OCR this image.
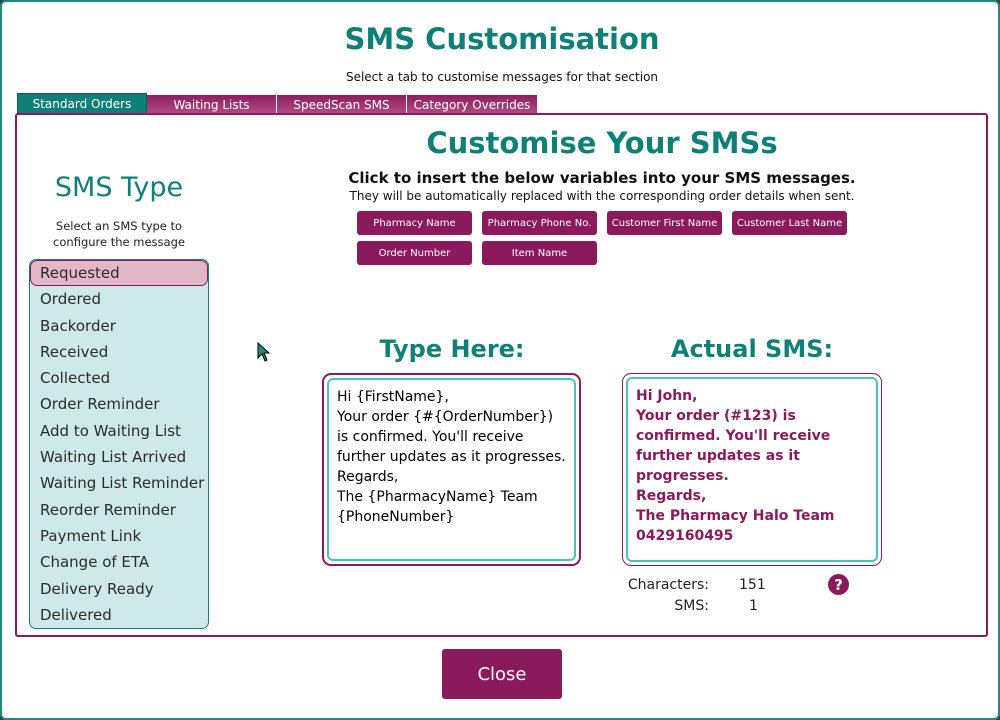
SMS Customisation
Select a tab to customise messages for that section
Standard Orders	Waiting Lists	SpeedScan SMS	Category Overrides
SMS Type
Select an SMS type to configure the message
Requested
Ordered
Backorder
Received
Collected
Order Reminder
Add to Waiting List
Waiting List Arrived
Waiting List Reminder
Reorder Reminder
Payment Link
Change of ETA
Delivery Ready
Delivered
Customise Your SMSs
Click to insert the below variables into your SMS messages.
They will be automatically replaced with the corresponding order details when sent.
Pharmacy Name	Pharmacy Phone No.	Customer First Name	Customer Last Name
Order Number	Item Name
Type Here:
Hi {FirstName},
Your order {#{OrderNumber}) is confirmed. You'll receive further updates as it progresses.
Regards,
The {PharmacyName} Team
{PhoneNumber}
Actual SMS:
Hi John,
Your order (#123) is confirmed. You'll receive further updates as it progresses.
Regards,
The Pharmacy Halo Team
0429160495
Characters: 151
SMS:	1
?
Close
